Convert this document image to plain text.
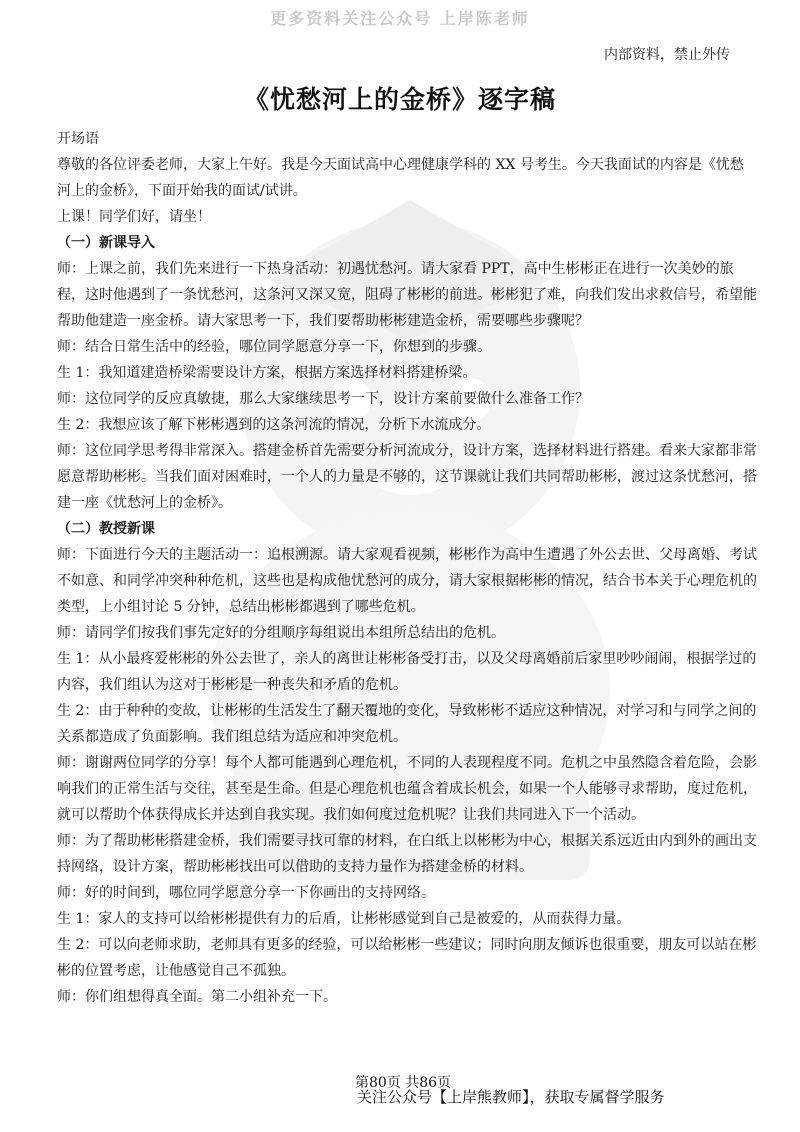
更多资料关注公众号 上岸陈老师
内部资料，禁止外传
《忧愁河上的金桥》逐字稿

开场语

尊敬的各位评委老师，大家上午好。我是今天面试高中心理健康学科的 XX 号考生。今天我面试的内容是《忧愁河上的金桥》，下面开始我的面试/试讲。

上课！同学们好，请坐！

（一）新课导入

师：上课之前，我们先来进行一下热身活动：初遇忧愁河。请大家看 PPT，高中生彬彬正在进行一次美妙的旅程，这时他遇到了一条忧愁河，这条河又深又宽，阻碍了彬彬的前进。彬彬犯了难，向我们发出求救信号，希望能帮助他建造一座金桥。请大家思考一下，我们要帮助彬彬建造金桥，需要哪些步骤呢？

师：结合日常生活中的经验，哪位同学愿意分享一下，你想到的步骤。

生 1：我知道建造桥梁需要设计方案，根据方案选择材料搭建桥梁。

师：这位同学的反应真敏捷，那么大家继续思考一下，设计方案前要做什么准备工作？

生 2：我想应该了解下彬彬遇到的这条河流的情况，分析下水流成分。

师：这位同学思考得非常深入。搭建金桥首先需要分析河流成分，设计方案，选择材料进行搭建。看来大家都非常愿意帮助彬彬。当我们面对困难时，一个人的力量是不够的，这节课就让我们共同帮助彬彬，渡过这条忧愁河，搭建一座《忧愁河上的金桥》。

（二）教授新课

师：下面进行今天的主题活动一：追根溯源。请大家观看视频，彬彬作为高中生遭遇了外公去世、父母离婚、考试不如意、和同学冲突种种危机，这些也是构成他忧愁河的成分，请大家根据彬彬的情况，结合书本关于心理危机的类型，上小组讨论 5 分钟，总结出彬彬都遇到了哪些危机。

师：请同学们按我们事先定好的分组顺序每组说出本组所总结出的危机。

生 1：从小最疼爱彬彬的外公去世了，亲人的离世让彬彬备受打击，以及父母离婚前后家里吵吵闹闹，根据学过的内容，我们组认为这对于彬彬是一种丧失和矛盾的危机。

生 2：由于种种的变故，让彬彬的生活发生了翻天覆地的变化，导致彬彬不适应这种情况，对学习和与同学之间的关系都造成了负面影响。我们组总结为适应和冲突危机。

师：谢谢两位同学的分享！每个人都可能遇到心理危机，不同的人表现程度不同。危机之中虽然隐含着危险，会影响我们的正常生活与交往，甚至是生命。但是心理危机也蕴含着成长机会，如果一个人能够寻求帮助，度过危机，就可以帮助个体获得成长并达到自我实现。我们如何度过危机呢？让我们共同进入下一个活动。

师：为了帮助彬彬搭建金桥，我们需要寻找可靠的材料，在白纸上以彬彬为中心，根据关系远近由内到外的画出支持网络，设计方案，帮助彬彬找出可以借助的支持力量作为搭建金桥的材料。

师：好的时间到，哪位同学愿意分享一下你画出的支持网络。

生 1：家人的支持可以给彬彬提供有力的后盾，让彬彬感觉到自己是被爱的，从而获得力量。

生 2：可以向老师求助，老师具有更多的经验，可以给彬彬一些建议；同时向朋友倾诉也很重要，朋友可以站在彬彬的位置考虑，让他感觉自己不孤独。

师：你们组想得真全面。第二小组补充一下。

第80页 共86页
关注公众号【上岸熊教师】，获取专属督学服务
